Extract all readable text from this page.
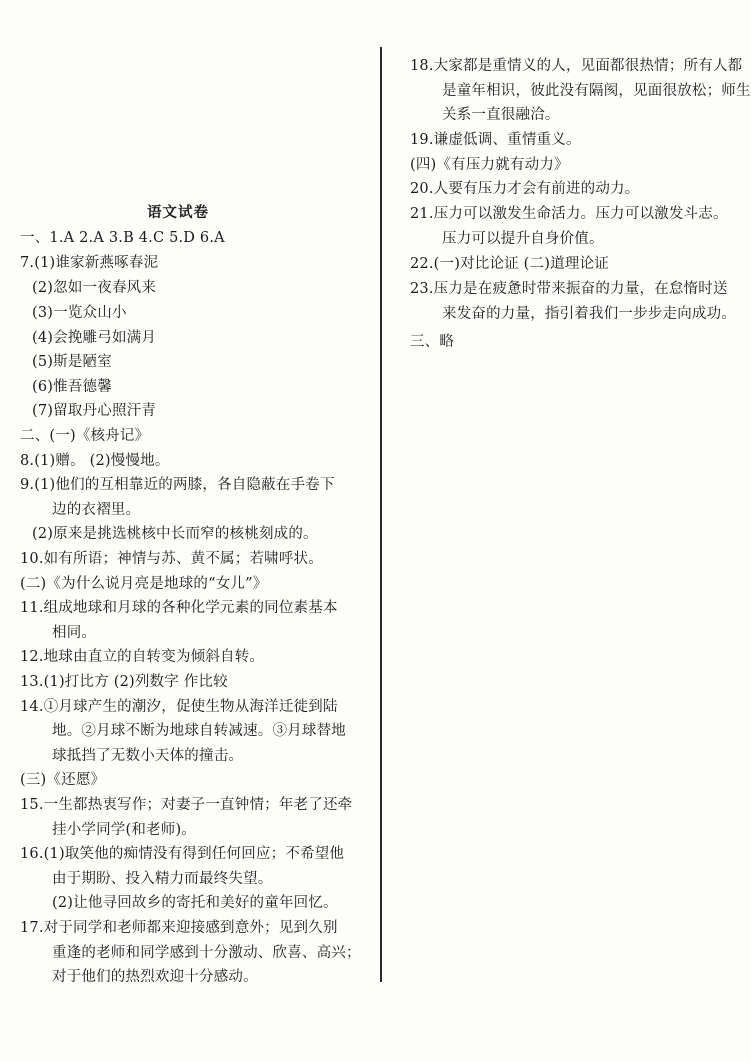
语文试卷
一、1.A 2.A 3.B 4.C 5.D 6.A
7.(1)谁家新燕啄春泥
(2)忽如一夜春风来
(3)一览众山小
(4)会挽雕弓如满月
(5)斯是陋室
(6)惟吾德馨
(7)留取丹心照汗青
二、(一)《核舟记》
8.(1)赠。 (2)慢慢地。
9.(1)他们的互相靠近的两膝，各自隐蔽在手卷下
边的衣褶里。
(2)原来是挑选桃核中长而窄的核桃刻成的。
10.如有所语；神情与苏、黄不属；若啸呼状。
(二)《为什么说月亮是地球的“女儿”》
11.组成地球和月球的各种化学元素的同位素基本
相同。
12.地球由直立的自转变为倾斜自转。
13.(1)打比方 (2)列数字 作比较
14.①月球产生的潮汐，促使生物从海洋迁徙到陆
地。②月球不断为地球自转减速。③月球替地
球抵挡了无数小天体的撞击。
(三)《还愿》
15.一生都热衷写作；对妻子一直钟情；年老了还牵
挂小学同学(和老师)。
16.(1)取笑他的痴情没有得到任何回应；不希望他
由于期盼、投入精力而最终失望。
(2)让他寻回故乡的寄托和美好的童年回忆。
17.对于同学和老师都来迎接感到意外；见到久别
重逢的老师和同学感到十分激动、欣喜、高兴；
对于他们的热烈欢迎十分感动。
18.大家都是重情义的人，见面都很热情；所有人都
是童年相识，彼此没有隔阂，见面很放松；师生
关系一直很融洽。
19.谦虚低调、重情重义。
(四)《有压力就有动力》
20.人要有压力才会有前进的动力。
21.压力可以激发生命活力。压力可以激发斗志。
压力可以提升自身价值。
22.(一)对比论证 (二)道理论证
23.压力是在疲惫时带来振奋的力量，在怠惰时送
来发奋的力量，指引着我们一步步走向成功。
三、略
